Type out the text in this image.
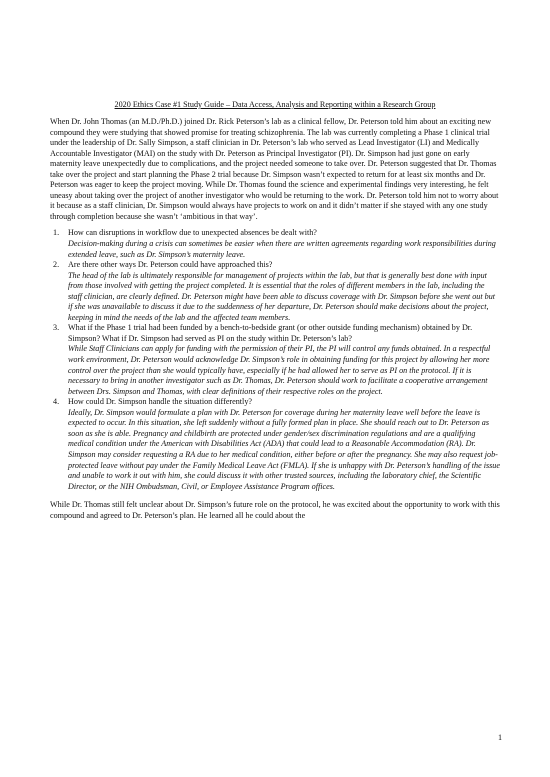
2020 Ethics Case #1 Study Guide – Data Access, Analysis and Reporting within a Research Group

When Dr. John Thomas (an M.D./Ph.D.) joined Dr. Rick Peterson’s lab as a clinical fellow, Dr. Peterson told him about an exciting new compound they were studying that showed promise for treating schizophrenia. The lab was currently completing a Phase 1 clinical trial under the leadership of Dr. Sally Simpson, a staff clinician in Dr. Peterson’s lab who served as Lead Investigator (LI) and Medically Accountable Investigator (MAI) on the study with Dr. Peterson as Principal Investigator (PI). Dr. Simpson had just gone on early maternity leave unexpectedly due to complications, and the project needed someone to take over. Dr. Peterson suggested that Dr. Thomas take over the project and start planning the Phase 2 trial because Dr. Simpson wasn’t expected to return for at least six months and Dr. Peterson was eager to keep the project moving. While Dr. Thomas found the science and experimental findings very interesting, he felt uneasy about taking over the project of another investigator who would be returning to the work. Dr. Peterson told him not to worry about it because as a staff clinician, Dr. Simpson would always have projects to work on and it didn’t matter if she stayed with any one study through completion because she wasn’t ‘ambitious in that way’.

1. How can disruptions in workflow due to unexpected absences be dealt with?
Decision-making during a crisis can sometimes be easier when there are written agreements regarding work responsibilities during extended leave, such as Dr. Simpson’s maternity leave.
2. Are there other ways Dr. Peterson could have approached this?
The head of the lab is ultimately responsible for management of projects within the lab, but that is generally best done with input from those involved with getting the project completed. It is essential that the roles of different members in the lab, including the staff clinician, are clearly defined. Dr. Peterson might have been able to discuss coverage with Dr. Simpson before she went out but if she was unavailable to discuss it due to the suddenness of her departure, Dr. Peterson should make decisions about the project, keeping in mind the needs of the lab and the affected team members.
3. What if the Phase 1 trial had been funded by a bench-to-bedside grant (or other outside funding mechanism) obtained by Dr. Simpson? What if Dr. Simpson had served as PI on the study within Dr. Peterson’s lab?
While Staff Clinicians can apply for funding with the permission of their PI, the PI will control any funds obtained. In a respectful work environment, Dr. Peterson would acknowledge Dr. Simpson’s role in obtaining funding for this project by allowing her more control over the project than she would typically have, especially if he had allowed her to serve as PI on the protocol. If it is necessary to bring in another investigator such as Dr. Thomas, Dr. Peterson should work to facilitate a cooperative arrangement between Drs. Simpson and Thomas, with clear definitions of their respective roles on the project.
4. How could Dr. Simpson handle the situation differently?
Ideally, Dr. Simpson would formulate a plan with Dr. Peterson for coverage during her maternity leave well before the leave is expected to occur. In this situation, she left suddenly without a fully formed plan in place. She should reach out to Dr. Peterson as soon as she is able. Pregnancy and childbirth are protected under gender/sex discrimination regulations and are a qualifying medical condition under the American with Disabilities Act (ADA) that could lead to a Reasonable Accommodation (RA). Dr. Simpson may consider requesting a RA due to her medical condition, either before or after the pregnancy. She may also request job-protected leave without pay under the Family Medical Leave Act (FMLA). If she is unhappy with Dr. Peterson’s handling of the issue and unable to work it out with him, she could discuss it with other trusted sources, including the laboratory chief, the Scientific Director, or the NIH Ombudsman, Civil, or Employee Assistance Program offices.

While Dr. Thomas still felt unclear about Dr. Simpson’s future role on the protocol, he was excited about the opportunity to work with this compound and agreed to Dr. Peterson’s plan. He learned all he could about the

1
